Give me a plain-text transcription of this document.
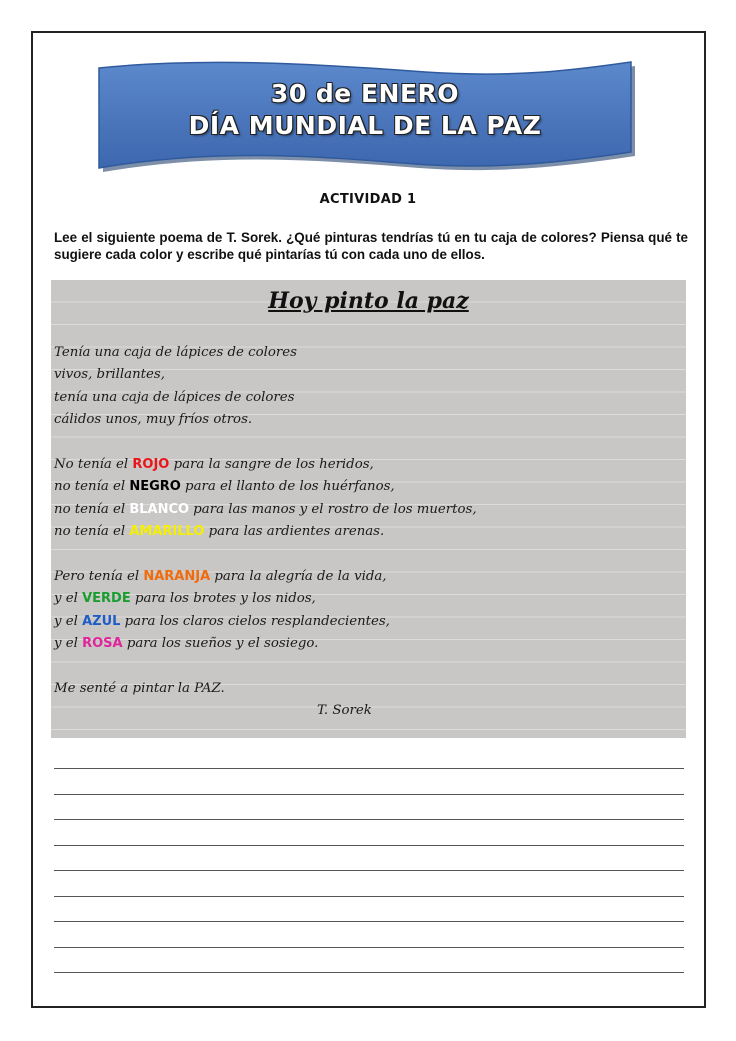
30 de ENERO
DÍA MUNDIAL DE LA PAZ
ACTIVIDAD 1

Lee el siguiente poema de T. Sorek. ¿Qué pinturas tendrías tú en tu caja de colores? Piensa qué te sugiere cada color y escribe qué pintarías tú con cada uno de ellos.

Hoy pinto la paz
Tenía una caja de lápices de colores
vivos, brillantes,
tenía una caja de lápices de colores
cálidos unos, muy fríos otros.
No tenía el ROJO para la sangre de los heridos,
no tenía el NEGRO para el llanto de los huérfanos,
no tenía el BLANCO para las manos y el rostro de los muertos,
no tenía el AMARILLO para las ardientes arenas.
Pero tenía el NARANJA para la alegría de la vida,
y el VERDE para los brotes y los nidos,
y el AZUL para los claros cielos resplandecientes,
y el ROSA para los sueños y el sosiego.
Me senté a pintar la PAZ.
T. Sorek
